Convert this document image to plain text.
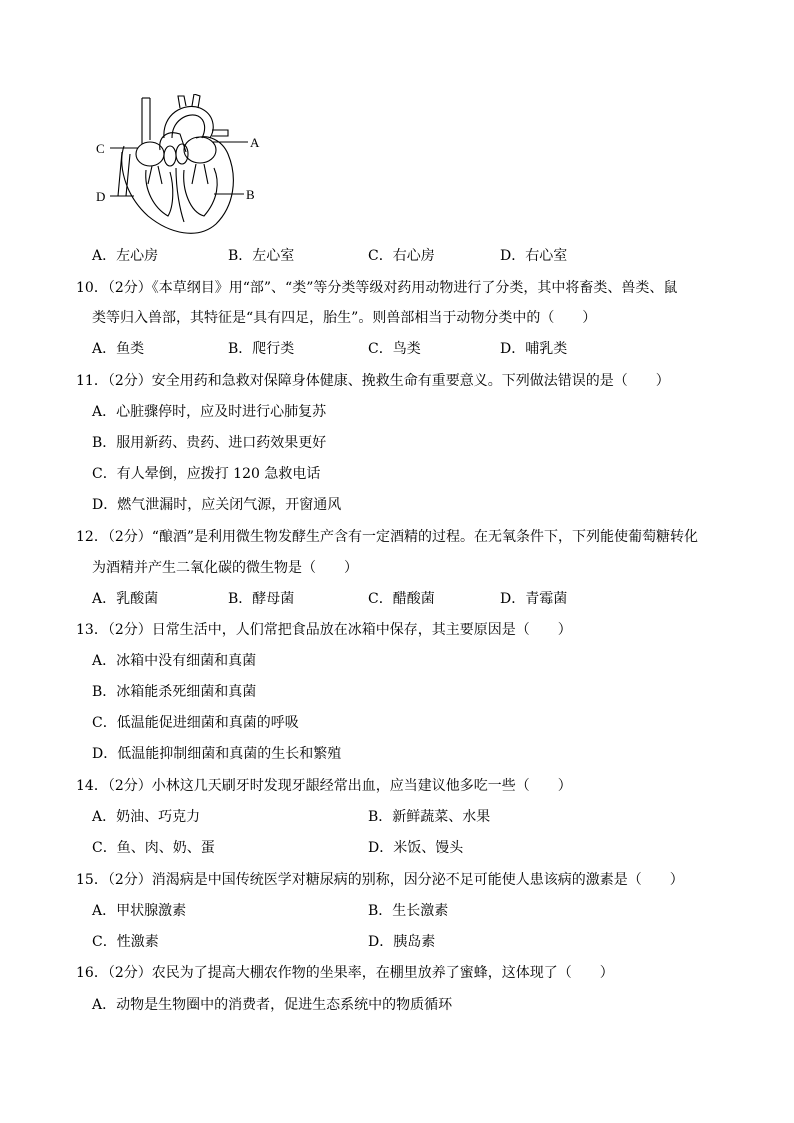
C	A
D	B
A．左心房	B．左心室	C．右心房	D．右心室
10．（2分）《本草纲目》用“部”、“类”等分类等级对药用动物进行了分类，其中将畜类、兽类、鼠
类等归入兽部，其特征是“具有四足，胎生”。则兽部相当于动物分类中的（　　）
A．鱼类	B．爬行类	C．鸟类	D．哺乳类
11．（2分）安全用药和急救对保障身体健康、挽救生命有重要意义。下列做法错误的是（　　）
A．心脏骤停时，应及时进行心肺复苏
B．服用新药、贵药、进口药效果更好
C．有人晕倒，应拨打 120 急救电话
D．燃气泄漏时，应关闭气源，开窗通风
12．（2分）“酿酒”是利用微生物发酵生产含有一定酒精的过程。在无氧条件下，下列能使葡萄糖转化
为酒精并产生二氧化碳的微生物是（　　）
A．乳酸菌	B．酵母菌	C．醋酸菌	D．青霉菌
13．（2分）日常生活中，人们常把食品放在冰箱中保存，其主要原因是（　　）
A．冰箱中没有细菌和真菌
B．冰箱能杀死细菌和真菌
C．低温能促进细菌和真菌的呼吸
D．低温能抑制细菌和真菌的生长和繁殖
14．（2分）小林这几天刷牙时发现牙龈经常出血，应当建议他多吃一些（　　）
A．奶油、巧克力	B．新鲜蔬菜、水果
C．鱼、肉、奶、蛋	D．米饭、馒头
15．（2分）消渴病是中国传统医学对糖尿病的别称，因分泌不足可能使人患该病的激素是（　　）
A．甲状腺激素	B．生长激素
C．性激素	D．胰岛素
16．（2分）农民为了提高大棚农作物的坐果率，在棚里放养了蜜蜂，这体现了（　　）
A．动物是生物圈中的消费者，促进生态系统中的物质循环
